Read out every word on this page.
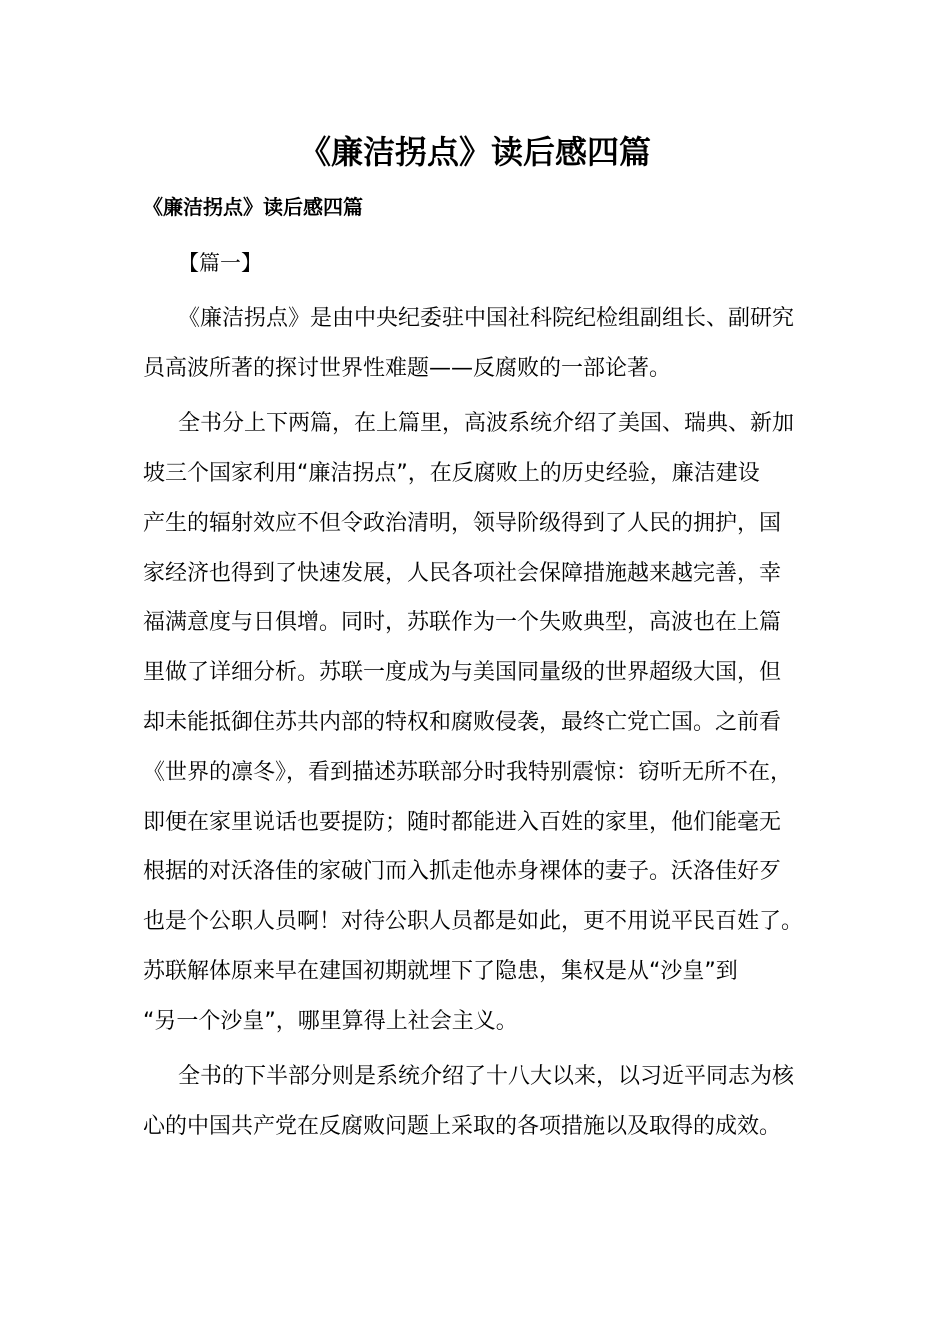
《廉洁拐点》读后感四篇
《廉洁拐点》读后感四篇
【篇一】
《廉洁拐点》是由中央纪委驻中国社科院纪检组副组长、副研究
员高波所著的探讨世界性难题——反腐败的一部论著。
全书分上下两篇，在上篇里，高波系统介绍了美国、瑞典、新加
坡三个国家利用“廉洁拐点”，在反腐败上的历史经验，廉洁建设
产生的辐射效应不但令政治清明，领导阶级得到了人民的拥护，国
家经济也得到了快速发展，人民各项社会保障措施越来越完善，幸
福满意度与日俱增。同时，苏联作为一个失败典型，高波也在上篇
里做了详细分析。苏联一度成为与美国同量级的世界超级大国，但
却未能抵御住苏共内部的特权和腐败侵袭，最终亡党亡国。之前看
《世界的凛冬》，看到描述苏联部分时我特别震惊：窃听无所不在，
即便在家里说话也要提防；随时都能进入百姓的家里，他们能毫无
根据的对沃洛佳的家破门而入抓走他赤身裸体的妻子。沃洛佳好歹
也是个公职人员啊！对待公职人员都是如此，更不用说平民百姓了。
苏联解体原来早在建国初期就埋下了隐患，集权是从“沙皇”到
“另一个沙皇”，哪里算得上社会主义。
全书的下半部分则是系统介绍了十八大以来，以习近平同志为核
心的中国共产党在反腐败问题上采取的各项措施以及取得的成效。
